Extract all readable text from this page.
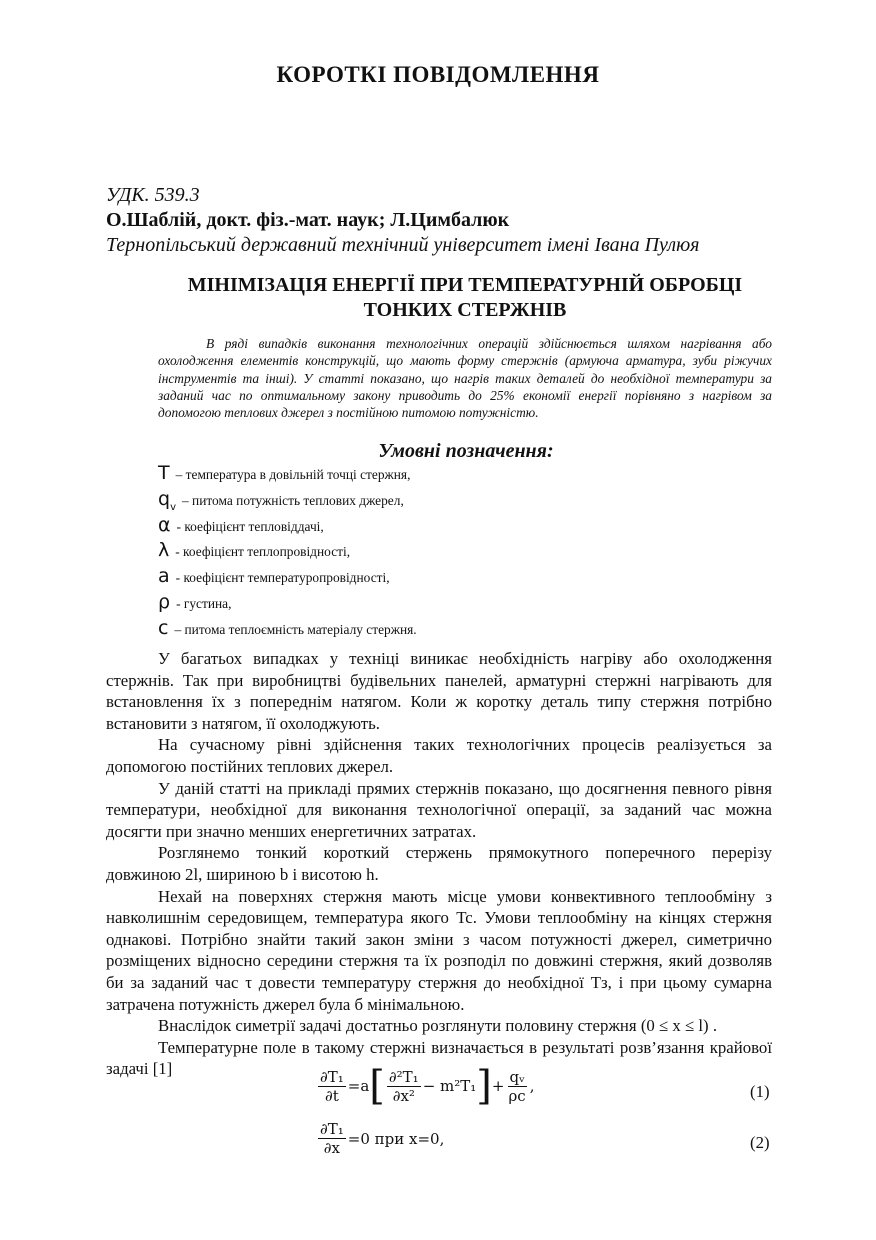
КОРОТКІ ПОВІДОМЛЕННЯ
УДК. 539.3
О.Шаблій, докт. фіз.-мат. наук; Л.Цимбалюк
Тернопільський державний технічний університет імені Івана Пулюя
МІНІМІЗАЦІЯ ЕНЕРГІЇ ПРИ ТЕМПЕРАТУРНІЙ ОБРОБЦІ
ТОНКИХ СТЕРЖНІВ
В ряді випадків виконання технологічних операцій здійснюється шляхом нагрівання або охолодження елементів конструкцій, що мають форму стержнів (армуюча арматура, зуби ріжучих інструментів та інші). У статті показано, що нагрів таких деталей до необхідної температури за заданий час по оптимальному закону приводить до 25% економії енергії порівняно з нагрівом за допомогою теплових джерел з постійною питомою потужністю.
Умовні позначення:
T – температура в довільній точці стержня,
$q_v$ – питома потужність теплових джерел,
α - коефіцієнт тепловіддачі,
λ - коефіцієнт теплопровідності,
a - коефіцієнт температуропровідності,
ρ - густина,
c – питома теплоємність матеріалу стержня.

У багатьох випадках у техніці виникає необхідність нагріву або охолодження стержнів. Так при виробництві будівельних панелей, арматурні стержні нагрівають для встановлення їх з попереднім натягом. Коли ж коротку деталь типу стержня потрібно встановити з натягом, її охолоджують.

На сучасному рівні здійснення таких технологічних процесів реалізується за допомогою постійних теплових джерел.

У даній статті на прикладі прямих стержнів показано, що досягнення певного рівня температури, необхідної для виконання технологічної операції, за заданий час можна досягти при значно менших енергетичних затратах.

Розглянемо тонкий короткий стержень прямокутного поперечного перерізу довжиною 2l, шириною b і висотою h.

Нехай на поверхнях стержня мають місце умови конвективного теплообміну з навколишнім середовищем, температура якого Tc. Умови теплообміну на кінцях стержня однакові. Потрібно знайти такий закон зміни з часом потужності джерел, симетрично розміщених відносно середини стержня та їх розподіл по довжині стержня, який дозволяв би за заданий час τ довести температуру стержня до необхідної Tз, і при цьому сумарна затрачена потужність джерел була б мінімальною.

Внаслідок симетрії задачі достатньо розглянути половину стержня (0 ≤ x ≤ l) .

Температурне поле в такому стержні визначається в результаті розв’язання крайової задачі [1]	$\frac{\text{∂T₁}}{\partial t} =a$ [ $\frac{\text{∂²T₁}}{\text{∂x²}} - m^2T_1$ ] + $\frac{\text{qᵥ}}{\rho c}$ ,	(1)
$\frac{\text{∂T₁}}{\partial x} =0$ при x=0,	(2)
